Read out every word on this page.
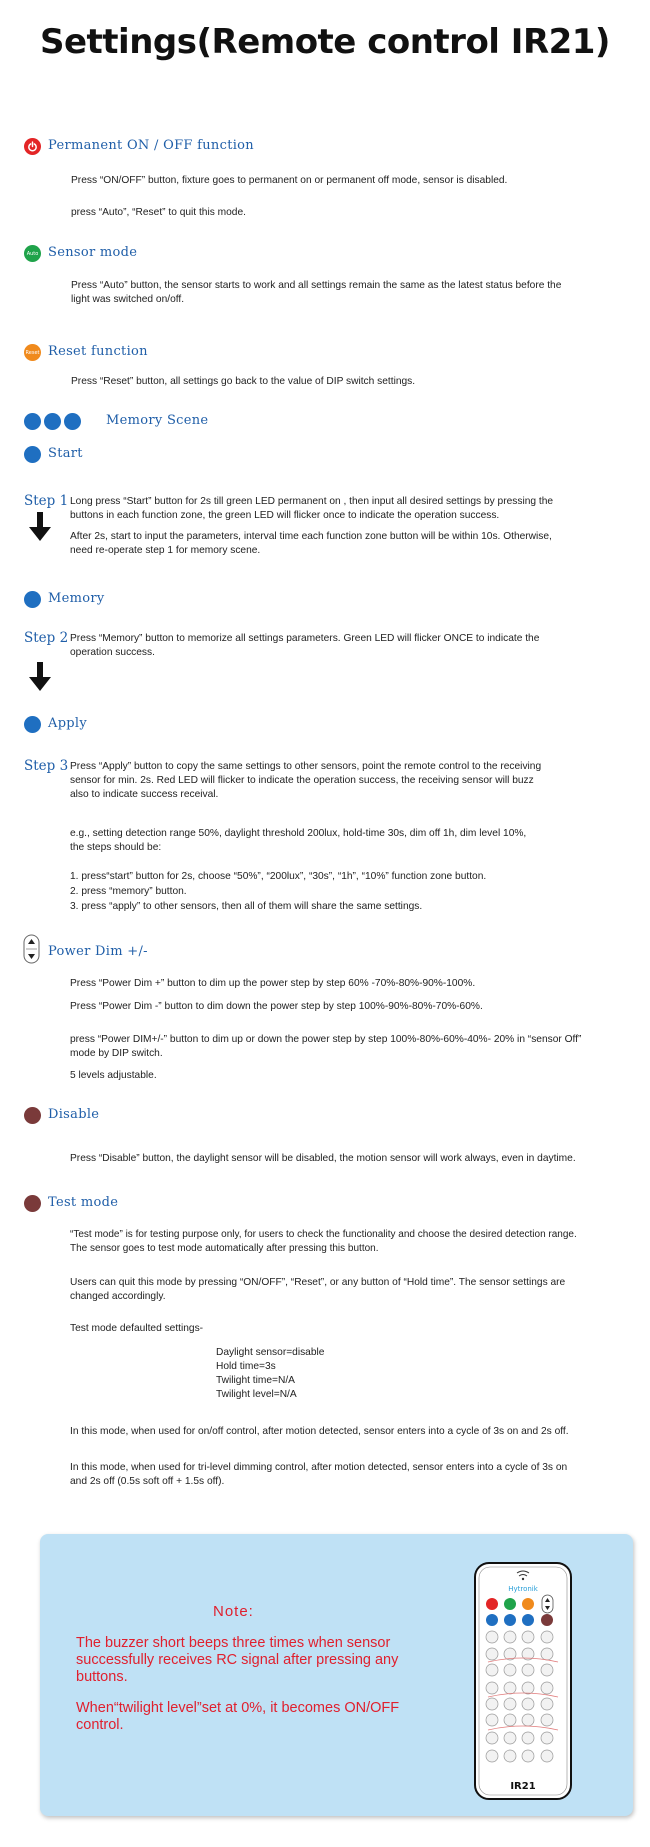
Settings(Remote control IR21)
Permanent ON / OFF function
Press “ON/OFF” button, fixture goes to permanent on or permanent off mode, sensor is disabled.
press “Auto”, “Reset” to quit this mode.
Auto Sensor mode
Press “Auto” button, the sensor starts to work and all settings remain the same as the latest status before the
light was switched on/off.
Reset Reset function
Press “Reset” button, all settings go back to the value of DIP switch settings.
Memory Scene
Start
Step 1 Long press “Start” button for 2s till green LED permanent on , then input all desired settings by pressing the
buttons in each function zone, the green LED will flicker once to indicate the operation success.
After 2s, start to input the parameters, interval time each function zone button will be within 10s. Otherwise,
need re-operate step 1 for memory scene.
Memory
Step 2 Press “Memory” button to memorize all settings parameters. Green LED will flicker ONCE to indicate the
operation success.
Apply
Step 3 Press “Apply” button to copy the same settings to other sensors, point the remote control to the receiving
sensor for min. 2s. Red LED will flicker to indicate the operation success, the receiving sensor will buzz
also to indicate success receival.
e.g., setting detection range 50%, daylight threshold 200lux, hold-time 30s, dim off 1h, dim level 10%,
the steps should be:
1. press“start” button for 2s, choose “50%”, “200lux”, “30s”, “1h”, “10%” function zone button.
2. press “memory” button.
3. press “apply” to other sensors, then all of them will share the same settings.
Power Dim +/-
Press “Power Dim +” button to dim up the power step by step 60% -70%-80%-90%-100%.
Press “Power Dim -” button to dim down the power step by step 100%-90%-80%-70%-60%.
press “Power DIM+/-” button to dim up or down the power step by step 100%-80%-60%-40%- 20% in “sensor Off”
mode by DIP switch.
5 levels adjustable.
Disable
Press “Disable” button, the daylight sensor will be disabled, the motion sensor will work always, even in daytime.
Test mode
“Test mode” is for testing purpose only, for users to check the functionality and choose the desired detection range.
The sensor goes to test mode automatically after pressing this button.
Users can quit this mode by pressing “ON/OFF”, “Reset”, or any button of “Hold time”. The sensor settings are
changed accordingly.
Test mode defaulted settings-
Daylight sensor=disable
Hold time=3s
Twilight time=N/A
Twilight level=N/A
In this mode, when used for on/off control, after motion detected, sensor enters into a cycle of 3s on and 2s off.
In this mode, when used for tri-level dimming control, after motion detected, sensor enters into a cycle of 3s on
and 2s off (0.5s soft off + 1.5s off).
Note:
The buzzer short beeps three times when sensor
successfully receives RC signal after pressing any
buttons.
When“twilight level”set at 0%, it becomes ON/OFF
control.
Hytronik
IR21
